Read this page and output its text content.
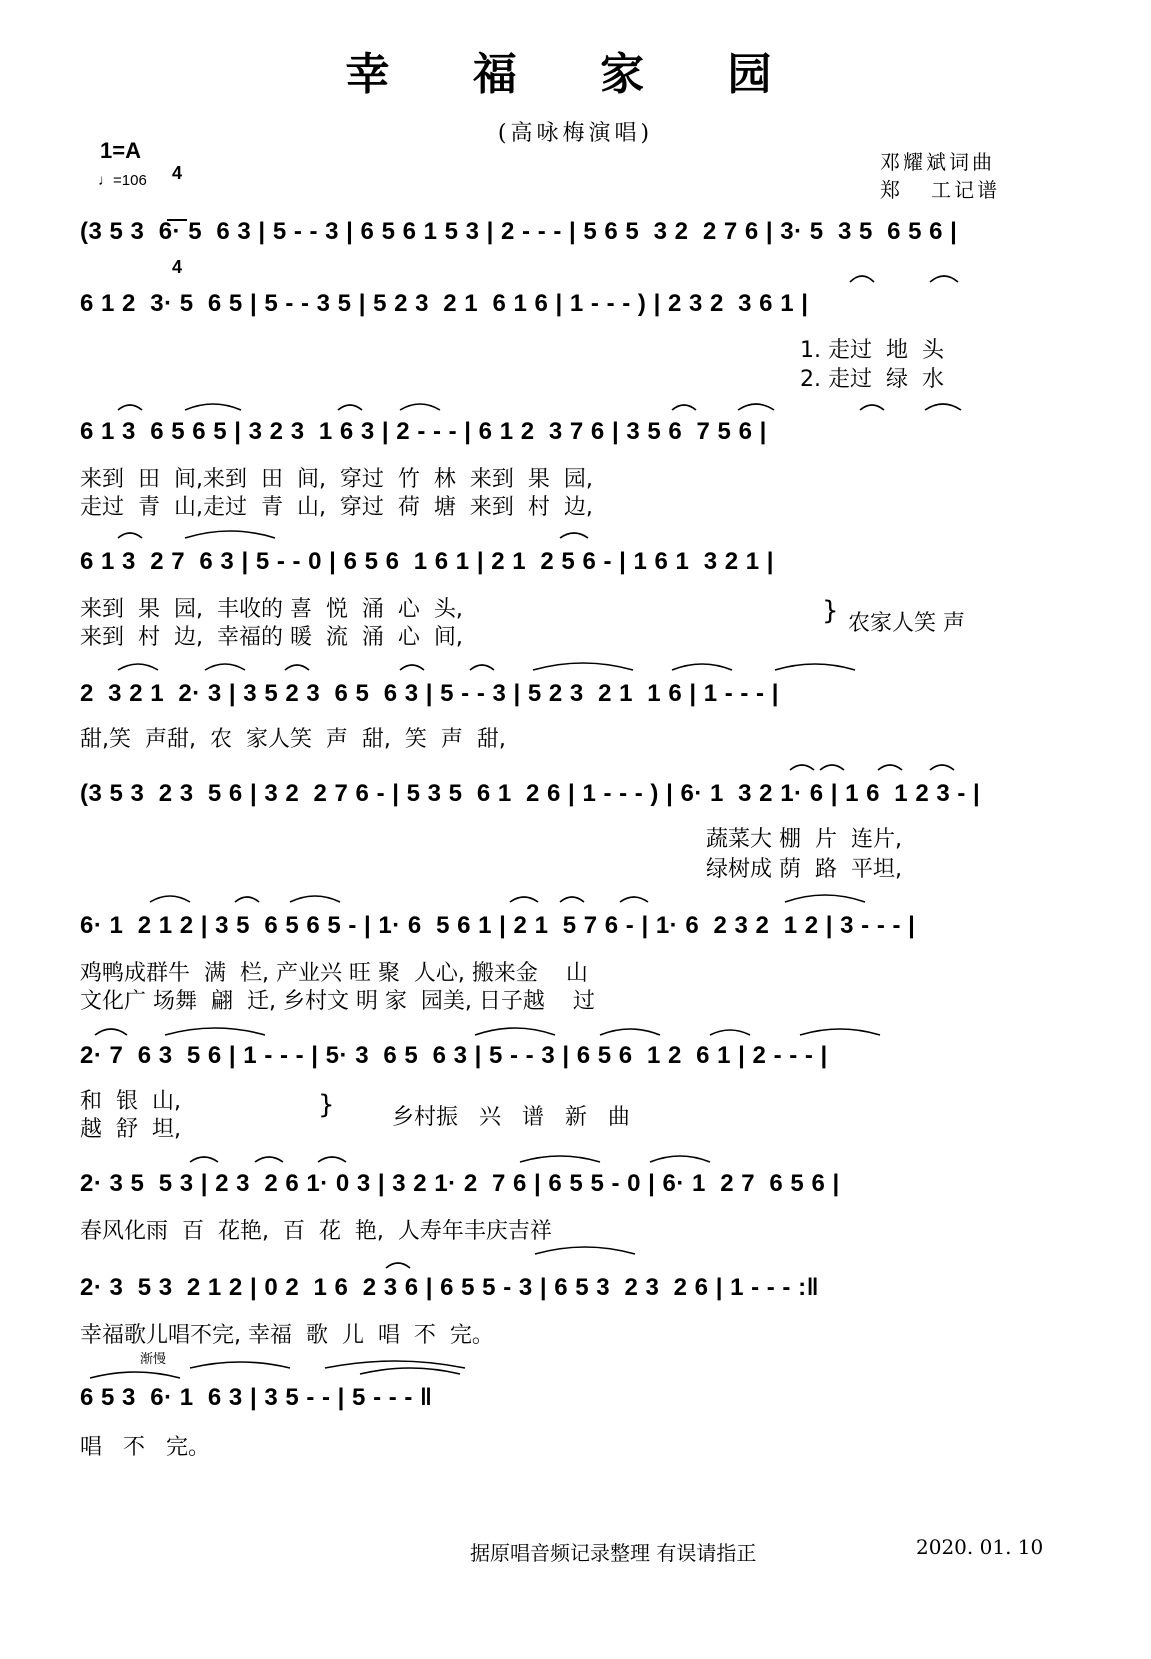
幸 福 家 园
(高咏梅演唱)
1=A

4

4

♩=106
邓耀斌词曲
郑   工记谱
(3 5 3  6· 5  6 3 | 5 - - 3 | 6 5 6 1 5 3 | 2 - - - | 5 6 5  3 2  2 7 6 | 3· 5  3 5  6 5 6 |
6 1 2  3· 5  6 5 | 5 - - 3 5 | 5 2 3  2 1  6 1 6 | 1 - - - ) | 2 3 2  3 6 1 |
1. 走过  地  头
2. 走过  绿  水
6 1 3  6 5 6 5 | 3 2 3  1 6 3 | 2 - - - | 6 1 2  3 7 6 | 3 5 6  7 5 6 |
来到  田  间,来到  田  间,  穿过  竹  林  来到  果  园,
走过  青  山,走过  青  山,  穿过  荷  塘  来到  村  边,
6 1 3  2 7  6 3 | 5 - - 0 | 6 5 6  1 6 1 | 2 1  2 5 6 - | 1 6 1  3 2 1 |
来到  果  园,  丰收的 喜  悦  涌  心  头,
来到  村  边,  幸福的 暖  流  涌  心  间,
} 农家人笑 声
2  3 2 1  2· 3 | 3 5 2 3  6 5  6 3 | 5 - - 3 | 5 2 3  2 1  1 6 | 1 - - - |
甜,笑  声甜,  农  家人笑  声  甜,  笑  声  甜,
(3 5 3  2 3  5 6 | 3 2  2 7 6 - | 5 3 5  6 1  2 6 | 1 - - - ) | 6· 1  3 2 1· 6 | 1 6  1 2 3 - |
蔬菜大 棚  片  连片,
绿树成 荫  路  平坦,
6· 1  2 1 2 | 3 5  6 5 6 5 - | 1· 6  5 6 1 | 2 1  5 7 6 - | 1· 6  2 3 2  1 2 | 3 - - - |
鸡鸭成群牛  满  栏, 产业兴 旺 聚  人心, 搬来金    山
文化广 场舞  翩  迁, 乡村文 明 家  园美, 日子越    过
2· 7  6 3  5 6 | 1 - - - | 5· 3  6 5  6 3 | 5 - - 3 | 6 5 6  1 2  6 1 | 2 - - - |
和  银  山,
越  舒  坦,
}	乡村振   兴   谱   新   曲
2· 3 5  5 3 | 2 3  2 6 1· 0 3 | 3 2 1· 2  7 6 | 6 5 5 - 0 | 6· 1  2 7  6 5 6 |
春风化雨  百  花艳,  百  花  艳,  人寿年丰庆吉祥
2· 3  5 3  2 1 2 | 0 2  1 6  2 3 6 | 6 5 5 - 3 | 6 5 3  2 3  2 6 | 1 - - - :‖
幸福歌儿唱不完, 幸福  歌  儿  唱  不  完。
渐慢
6 5 3  6· 1  6 3 | 3 5 - - | 5 - - - ‖
唱   不   完。
据原唱音频记录整理 有误请指正	2020. 01. 10
